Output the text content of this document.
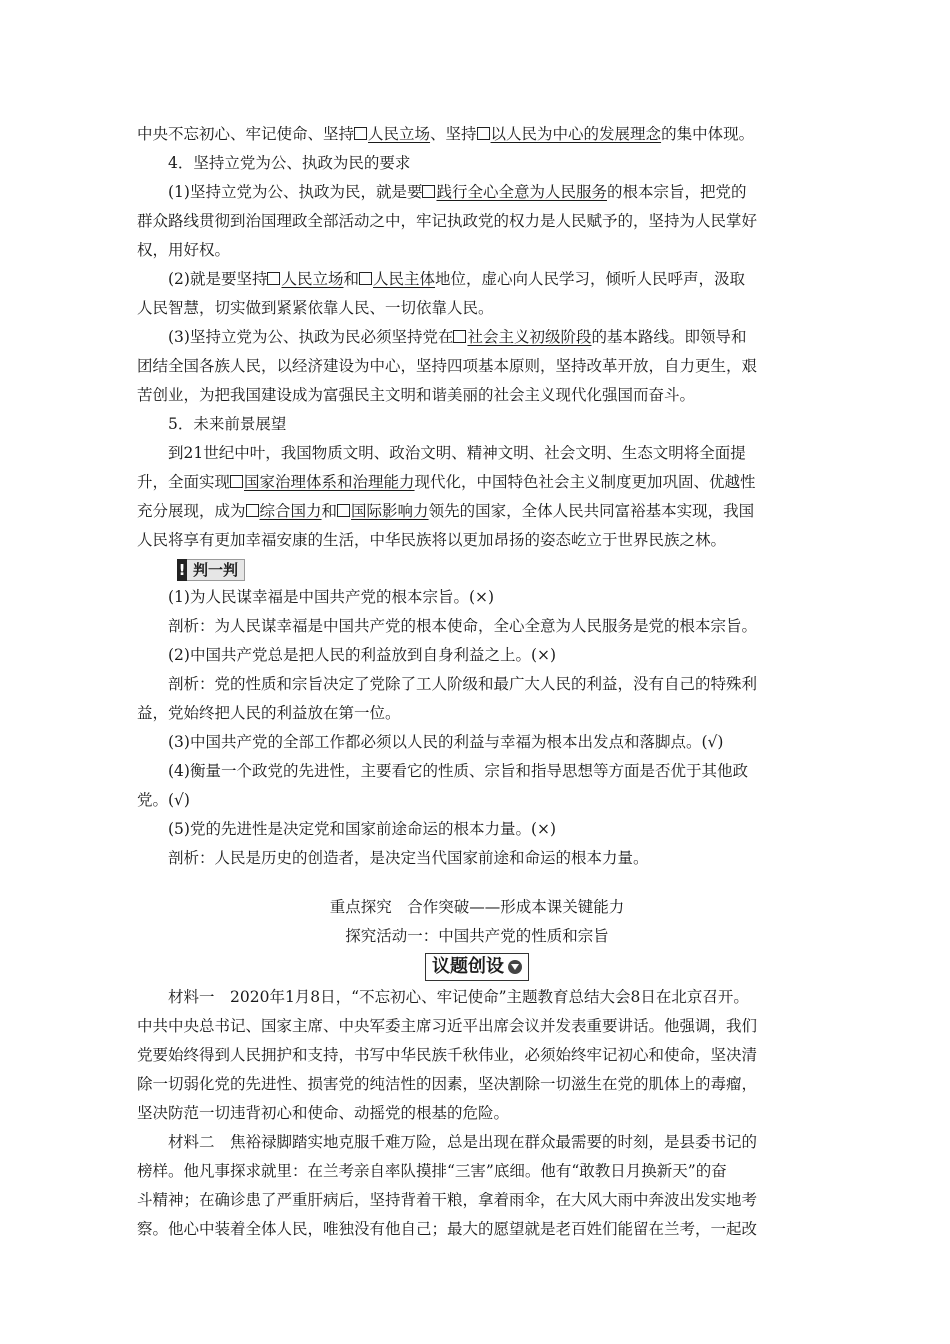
中央不忘初心、牢记使命、坚持 人民立场、坚持 以人民为中心的发展理念的集中体现。

4．坚持立党为公、执政为民的要求

(1)坚持立党为公、执政为民，就是要 践行全心全意为人民服务的根本宗旨，把党的
群众路线贯彻到治国理政全部活动之中，牢记执政党的权力是人民赋予的，坚持为人民掌好
权，用好权。

(2)就是要坚持 人民立场和 人民主体地位，虚心向人民学习，倾听人民呼声，汲取
人民智慧，切实做到紧紧依靠人民、一切依靠人民。

(3)坚持立党为公、执政为民必须坚持党在 社会主义初级阶段的基本路线。即领导和
团结全国各族人民，以经济建设为中心，坚持四项基本原则，坚持改革开放，自力更生，艰
苦创业，为把我国建设成为富强民主文明和谐美丽的社会主义现代化强国而奋斗。

5．未来前景展望

到21世纪中叶，我国物质文明、政治文明、精神文明、社会文明、生态文明将全面提
升，全面实现 国家治理体系和治理能力现代化，中国特色社会主义制度更加巩固、优越性
充分展现，成为 综合国力和 国际影响力领先的国家，全体人民共同富裕基本实现，我国
人民将享有更加幸福安康的生活，中华民族将以更加昂扬的姿态屹立于世界民族之林。

! 判一判

(1)为人民谋幸福是中国共产党的根本宗旨。(×)

剖析：为人民谋幸福是中国共产党的根本使命，全心全意为人民服务是党的根本宗旨。

(2)中国共产党总是把人民的利益放到自身利益之上。(×)

剖析：党的性质和宗旨决定了党除了工人阶级和最广大人民的利益，没有自己的特殊利

益，党始终把人民的利益放在第一位。

(3)中国共产党的全部工作都必须以人民的利益与幸福为根本出发点和落脚点。(√)

(4)衡量一个政党的先进性，主要看它的性质、宗旨和指导思想等方面是否优于其他政

党。(√)

(5)党的先进性是决定党和国家前途命运的根本力量。(×)

剖析：人民是历史的创造者，是决定当代国家前途和命运的根本力量。

重点探究　合作突破——形成本课关键能力

探究活动一：中国共产党的性质和宗旨

议题创设

材料一　2020年1月8日，“不忘初心、牢记使命”主题教育总结大会8日在北京召开。
中共中央总书记、国家主席、中央军委主席习近平出席会议并发表重要讲话。他强调，我们
党要始终得到人民拥护和支持，书写中华民族千秋伟业，必须始终牢记初心和使命，坚决清
除一切弱化党的先进性、损害党的纯洁性的因素，坚决割除一切滋生在党的肌体上的毒瘤，
坚决防范一切违背初心和使命、动摇党的根基的危险。

材料二　焦裕禄脚踏实地克服千难万险，总是出现在群众最需要的时刻，是县委书记的
榜样。他凡事探求就里：在兰考亲自率队摸排“三害”底细。他有“敢教日月换新天”的奋
斗精神；在确诊患了严重肝病后，坚持背着干粮，拿着雨伞，在大风大雨中奔波出发实地考
察。他心中装着全体人民，唯独没有他自己；最大的愿望就是老百姓们能留在兰考，一起改
